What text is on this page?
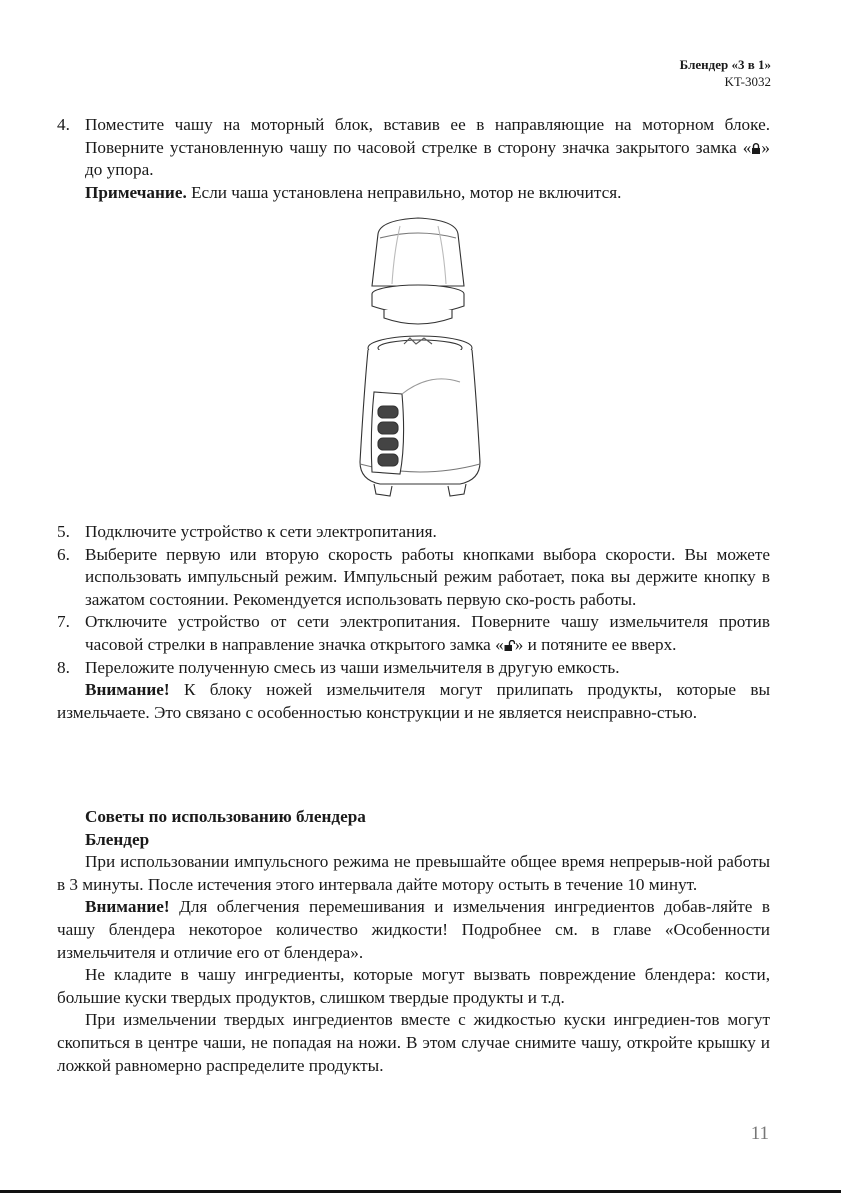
Блендер «3 в 1»
KT-3032
4. Поместите чашу на моторный блок, вставив ее в направляющие на моторном блоке. Поверните установленную чашу по часовой стрелке в сторону значка закрытого замка « » до упора.
Примечание. Если чаша установлена неправильно, мотор не включится.
5. Подключите устройство к сети электропитания.
6. Выберите первую или вторую скорость работы кнопками выбора скорости. Вы можете использовать импульсный режим. Импульсный режим работает, пока вы держите кнопку в зажатом состоянии. Рекомендуется использовать первую ско-рость работы.
7. Отключите устройство от сети электропитания. Поверните чашу измельчителя против часовой стрелки в направление значка открытого замка « » и потяните ее вверх.
8. Переложите полученную смесь из чаши измельчителя в другую емкость.
Внимание! К блоку ножей измельчителя могут прилипать продукты, которые вы измельчаете. Это связано с особенностью конструкции и не является неисправно-стью.
Советы по использованию блендера
Блендер
При использовании импульсного режима не превышайте общее время непрерыв-ной работы в 3 минуты. После истечения этого интервала дайте мотору остыть в течение 10 минут.
Внимание! Для облегчения перемешивания и измельчения ингредиентов добав-ляйте в чашу блендера некоторое количество жидкости! Подробнее см. в главе «Особенности измельчителя и отличие его от блендера».
Не кладите в чашу ингредиенты, которые могут вызвать повреждение блендера: кости, большие куски твердых продуктов, слишком твердые продукты и т.д.
При измельчении твердых ингредиентов вместе с жидкостью куски ингредиен-тов могут скопиться в центре чаши, не попадая на ножи. В этом случае снимите чашу, откройте крышку и ложкой равномерно распределите продукты.
11
